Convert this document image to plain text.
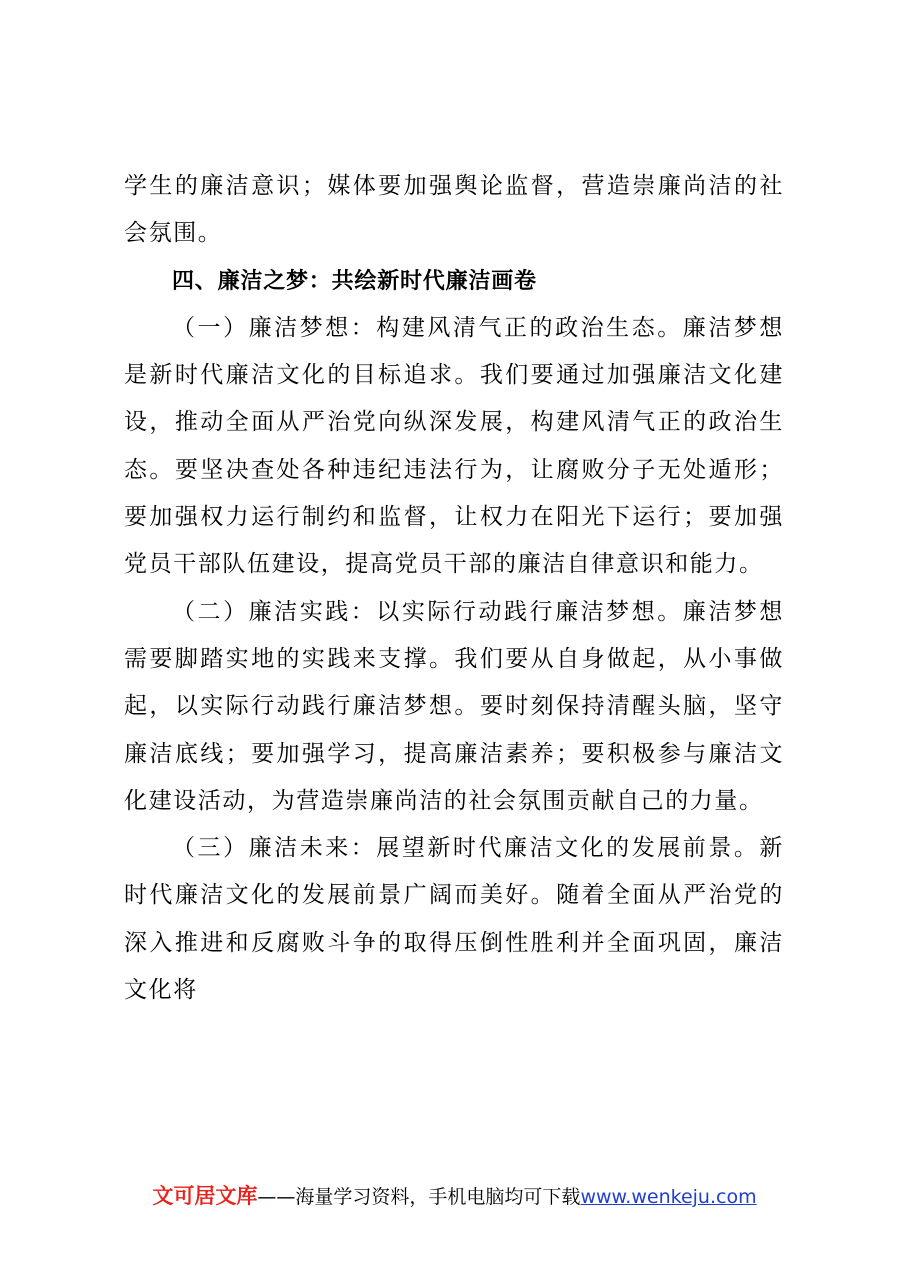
学生的廉洁意识；媒体要加强舆论监督，营造崇廉尚洁的社会氛围。

四、廉洁之梦：共绘新时代廉洁画卷

（一）廉洁梦想：构建风清气正的政治生态。廉洁梦想是新时代廉洁文化的目标追求。我们要通过加强廉洁文化建设，推动全面从严治党向纵深发展，构建风清气正的政治生态。要坚决查处各种违纪违法行为，让腐败分子无处遁形；要加强权力运行制约和监督，让权力在阳光下运行；要加强党员干部队伍建设，提高党员干部的廉洁自律意识和能力。

（二）廉洁实践：以实际行动践行廉洁梦想。廉洁梦想需要脚踏实地的实践来支撑。我们要从自身做起，从小事做起，以实际行动践行廉洁梦想。要时刻保持清醒头脑，坚守廉洁底线；要加强学习，提高廉洁素养；要积极参与廉洁文化建设活动，为营造崇廉尚洁的社会氛围贡献自己的力量。

（三）廉洁未来：展望新时代廉洁文化的发展前景。新时代廉洁文化的发展前景广阔而美好。随着全面从严治党的深入推进和反腐败斗争的取得压倒性胜利并全面巩固，廉洁文化将

文可居文库——海量学习资料，手机电脑均可下载www.wenkeju.com
